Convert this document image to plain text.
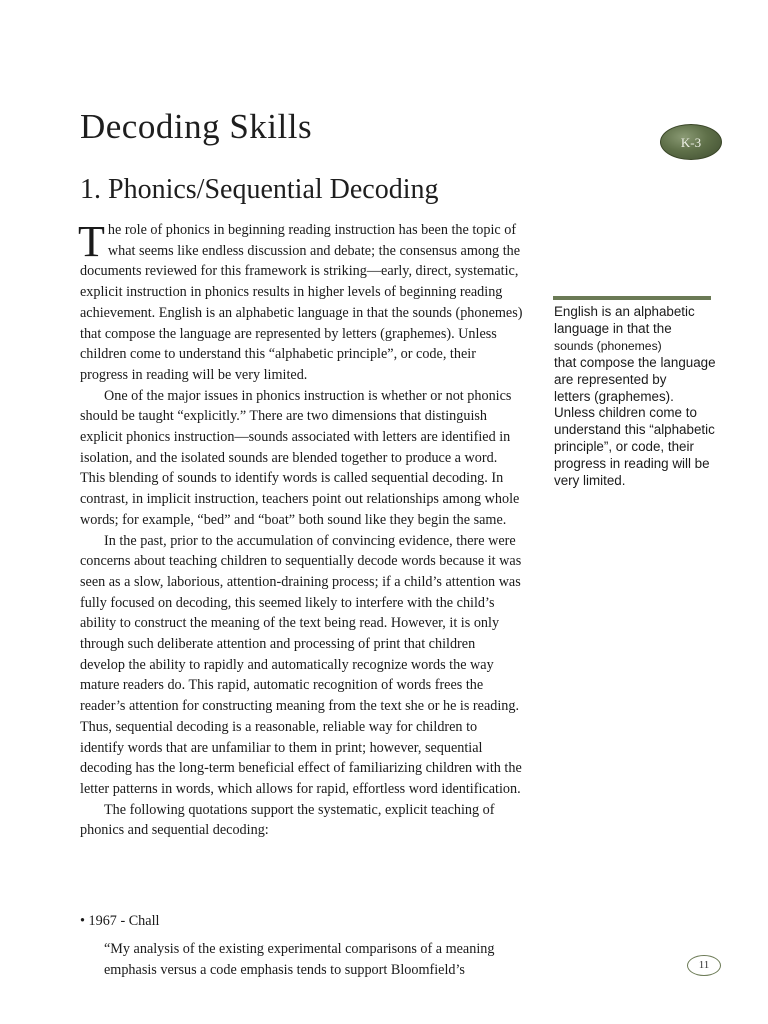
Decoding Skills	K-3
1. Phonics/Sequential Decoding

The role of phonics in beginning reading instruction has been the topic of what seems like endless discussion and debate; the consensus among the documents reviewed for this framework is striking—early, direct, systematic, explicit instruction in phonics results in higher levels of beginning reading achievement. English is an alphabetic language in that the sounds (phonemes) that compose the language are represented by letters (graphemes). Unless children come to understand this “alphabetic principle”, or code, their progress in reading will be very limited.

One of the major issues in phonics instruction is whether or not phonics should be taught “explicitly.” There are two dimensions that distinguish explicit phonics instruction—sounds associated with letters are identified in isolation, and the isolated sounds are blended together to produce a word. This blending of sounds to identify words is called sequential decoding. In contrast, in implicit instruction, teachers point out relationships among whole words; for example, “bed” and “boat” both sound like they begin the same.

In the past, prior to the accumulation of convincing evidence, there were concerns about teaching children to sequentially decode words because it was seen as a slow, laborious, attention-draining process; if a child’s attention was fully focused on decoding, this seemed likely to interfere with the child’s ability to construct the meaning of the text being read. However, it is only through such deliberate attention and processing of print that children develop the ability to rapidly and automatically recognize words the way mature readers do. This rapid, automatic recognition of words frees the reader’s attention for constructing meaning from the text she or he is reading. Thus, sequential decoding is a reasonable, reliable way for children to identify words that are unfamiliar to them in print; however, sequential decoding has the long-term beneficial effect of familiarizing children with the letter patterns in words, which allows for rapid, effortless word identification.

The following quotations support the systematic, explicit teaching of phonics and sequential decoding:

• 1967 - Chall
“My analysis of the existing experimental comparisons of a meaning
emphasis versus a code emphasis tends to support Bloomfield’s
English is an alphabetic language in that the
sounds (phonemes)
that compose the language are represented by
letters (graphemes). Unless children come to understand this “alphabetic principle”, or code, their progress in reading will be very limited.
11
